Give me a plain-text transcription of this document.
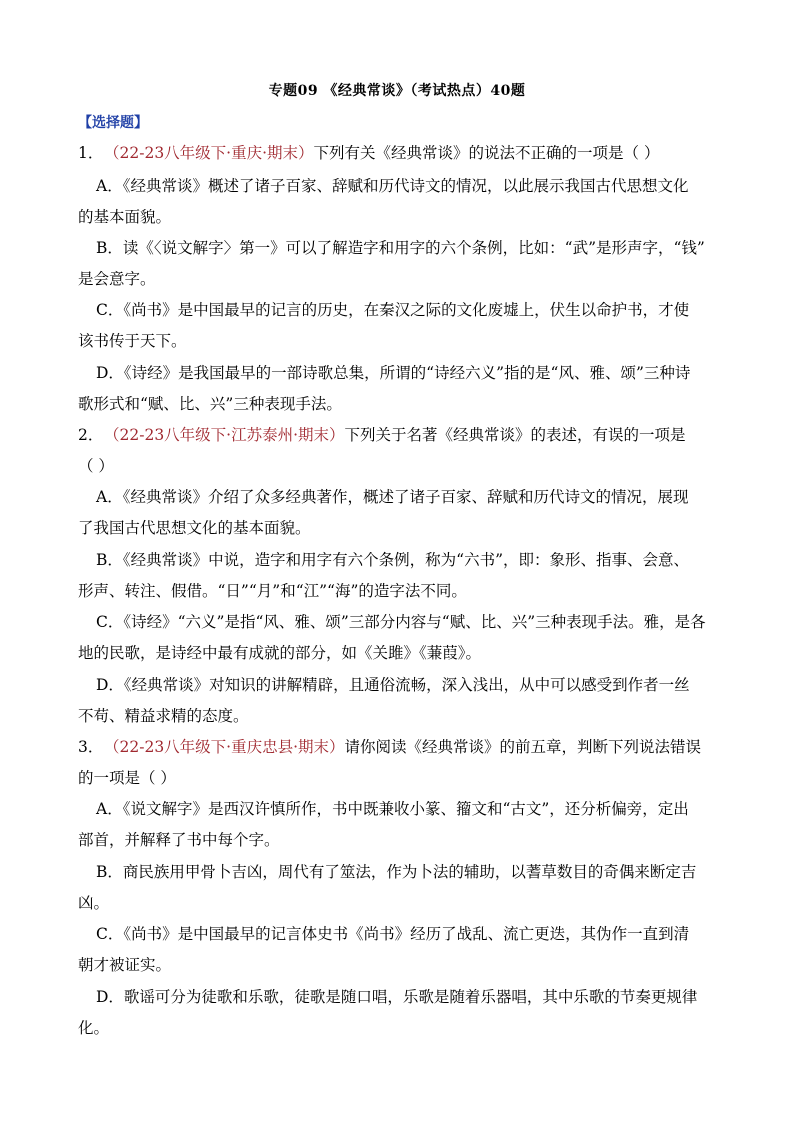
专题09 《经典常谈》（考试热点）40题
【选择题】
1．（22-23八年级下·重庆·期末）下列有关《经典常谈》的说法不正确的一项是（ ）
A．《经典常谈》概述了诸子百家、辞赋和历代诗文的情况，以此展示我国古代思想文化
的基本面貌。
B．读《〈说文解字〉第一》可以了解造字和用字的六个条例，比如：“武”是形声字，“钱”
是会意字。
C．《尚书》是中国最早的记言的历史，在秦汉之际的文化废墟上，伏生以命护书，才使
该书传于天下。
D．《诗经》是我国最早的一部诗歌总集，所谓的“诗经六义”指的是“风、雅、颂”三种诗
歌形式和“赋、比、兴”三种表现手法。
2．（22-23八年级下·江苏泰州·期末）下列关于名著《经典常谈》的表述，有误的一项是
（ ）
A．《经典常谈》介绍了众多经典著作，概述了诸子百家、辞赋和历代诗文的情况，展现
了我国古代思想文化的基本面貌。
B．《经典常谈》中说，造字和用字有六个条例，称为“六书”，即：象形、指事、会意、
形声、转注、假借。“日”“月”和“江”“海”的造字法不同。
C．《诗经》“六义”是指“风、雅、颂”三部分内容与“赋、比、兴”三种表现手法。雅，是各
地的民歌，是诗经中最有成就的部分，如《关雎》《蒹葭》。
D．《经典常谈》对知识的讲解精辟，且通俗流畅，深入浅出，从中可以感受到作者一丝
不苟、精益求精的态度。
3．（22-23八年级下·重庆忠县·期末）请你阅读《经典常谈》的前五章，判断下列说法错误
的一项是（ ）
A．《说文解字》是西汉许慎所作，书中既兼收小篆、籀文和“古文”，还分析偏旁，定出
部首，并解释了书中每个字。
B．商民族用甲骨卜吉凶，周代有了筮法，作为卜法的辅助，以蓍草数目的奇偶来断定吉
凶。
C．《尚书》是中国最早的记言体史书《尚书》经历了战乱、流亡更迭，其伪作一直到清
朝才被证实。
D．歌谣可分为徒歌和乐歌，徒歌是随口唱，乐歌是随着乐器唱，其中乐歌的节奏更规律
化。
